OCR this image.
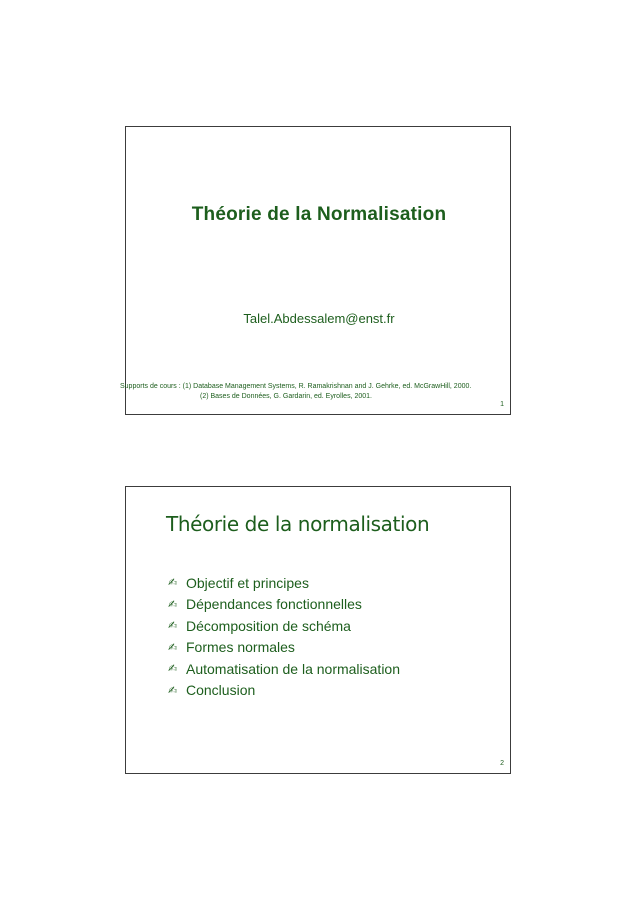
Théorie de la Normalisation
Talel.Abdessalem@enst.fr
Supports de cours : (1) Database Management Systems, R. Ramakrishnan and J. Gehrke, ed. McGrawHill, 2000.
(2) Bases de Données, G. Gardarin, ed. Eyrolles, 2001.
1
Théorie de la normalisation
✍ Objectif et principes
✍ Dépendances fonctionnelles
✍ Décomposition de schéma
✍ Formes normales
✍ Automatisation de la normalisation
✍ Conclusion
2
